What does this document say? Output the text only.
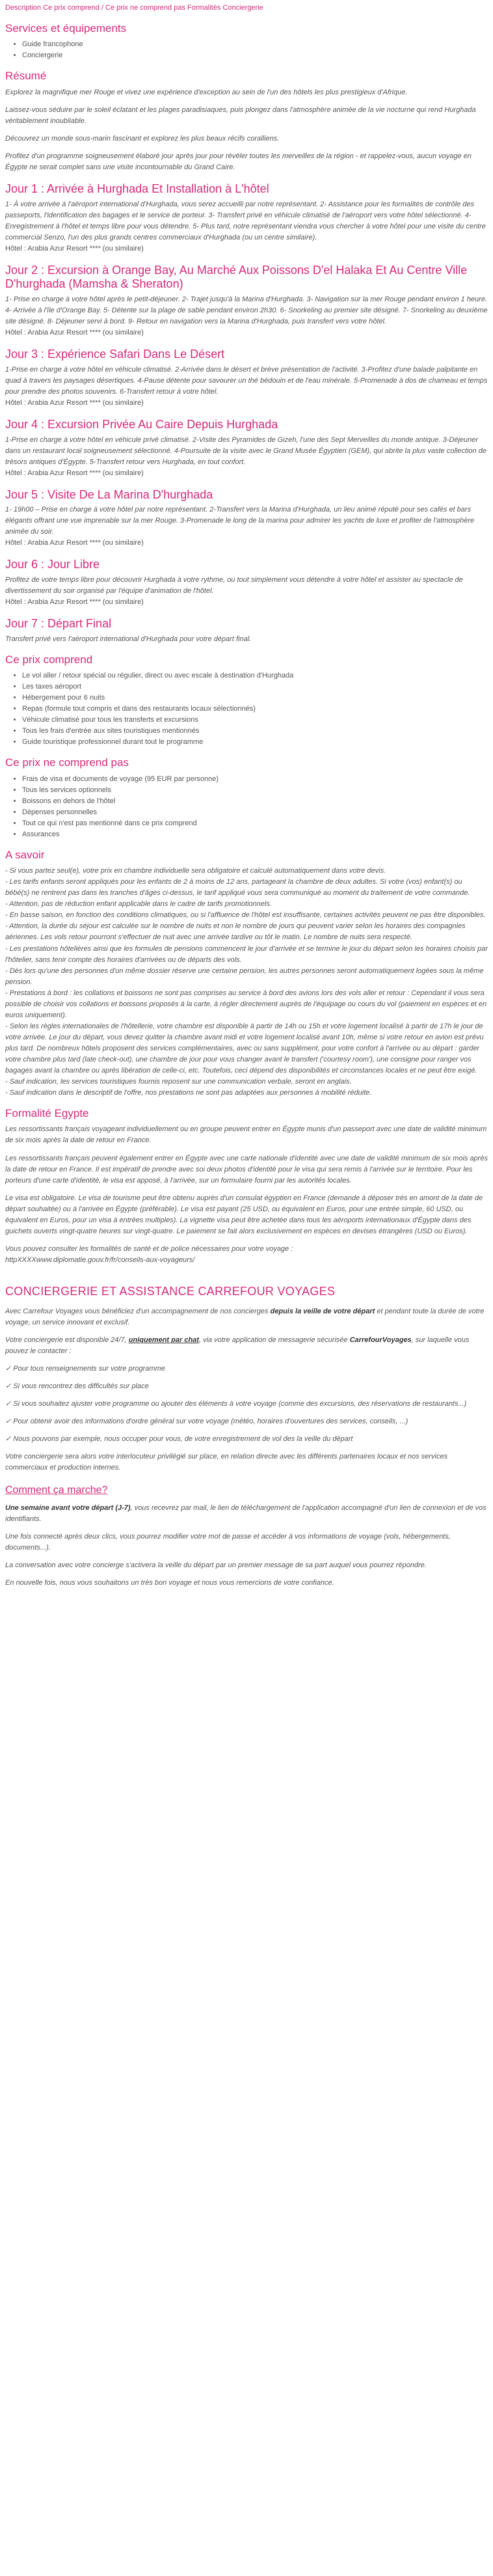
Description Ce prix comprend / Ce prix ne comprend pas Formalités Conciergerie
Services et équipements
• Guide francophone
• Conciergerie
Résumé

Explorez la magnifique mer Rouge et vivez une expérience d'exception au sein de l'un des hôtels les plus prestigieux d'Afrique.

Laissez-vous séduire par le soleil éclatant et les plages paradisiaques, puis plongez dans l'atmosphère animée de la vie nocturne qui rend Hurghada véritablement inoubliable.

Découvrez un monde sous-marin fascinant et explorez les plus beaux récifs coralliens.

Profitez d'un programme soigneusement élaboré jour après jour pour révéler toutes les merveilles de la région - et rappelez-vous, aucun voyage en Égypte ne serait complet sans une visite incontournable du Grand Caire.

Jour 1 : Arrivée à Hurghada Et Installation à L'hôtel

1- À votre arrivée à l'aéroport international d'Hurghada, vous serez accueilli par notre représentant. 2- Assistance pour les formalités de contrôle des passeports, l'identification des bagages et le service de porteur. 3- Transfert privé en véhicule climatisé de l'aéroport vers votre hôtel sélectionné. 4- Enregistrement à l'hôtel et temps libre pour vous détendre. 5- Plus tard, notre représentant viendra vous chercher à votre hôtel pour une visite du centre commercial Senzo, l'un des plus grands centres commerciaux d'Hurghada (ou un centre similaire).

Hôtel : Arabia Azur Resort **** (ou similaire)

Jour 2 : Excursion à Orange Bay, Au Marché Aux Poissons D'el Halaka Et Au Centre Ville D'hurghada (Mamsha & Sheraton)

1- Prise en charge à votre hôtel après le petit-déjeuner. 2- Trajet jusqu'à la Marina d'Hurghada. 3- Navigation sur la mer Rouge pendant environ 1 heure. 4- Arrivée à l'île d'Orange Bay. 5- Détente sur la plage de sable pendant environ 2h30. 6- Snorkeling au premier site désigné. 7- Snorkeling au deuxième site désigné. 8- Déjeuner servi à bord. 9- Retour en navigation vers la Marina d'Hurghada, puis transfert vers votre hôtel.

Hôtel : Arabia Azur Resort **** (ou similaire)

Jour 3 : Expérience Safari Dans Le Désert

1-Prise en charge à votre hôtel en véhicule climatisé. 2-Arrivée dans le désert et brève présentation de l'activité. 3-Profitez d'une balade palpitante en quad à travers les paysages désertiques. 4-Pause détente pour savourer un thé bédouin et de l'eau minérale. 5-Promenade à dos de chameau et temps pour prendre des photos souvenirs. 6-Transfert retour à votre hôtel.

Hôtel : Arabia Azur Resort **** (ou similaire)

Jour 4 : Excursion Privée Au Caire Depuis Hurghada

1-Prise en charge à votre hôtel en véhicule privé climatisé. 2-Visite des Pyramides de Gizeh, l'une des Sept Merveilles du monde antique. 3-Déjeuner dans un restaurant local soigneusement sélectionné. 4-Poursuite de la visite avec le Grand Musée Égyptien (GEM), qui abrite la plus vaste collection de trésors antiques d'Égypte. 5-Transfert retour vers Hurghada, en tout confort.

Hôtel : Arabia Azur Resort **** (ou similaire)

Jour 5 : Visite De La Marina D'hurghada

1- 19h00 – Prise en charge à votre hôtel par notre représentant. 2-Transfert vers la Marina d'Hurghada, un lieu animé réputé pour ses cafés et bars élégants offrant une vue imprenable sur la mer Rouge. 3-Promenade le long de la marina pour admirer les yachts de luxe et profiter de l'atmosphère animée du soir.

Hôtel : Arabia Azur Resort **** (ou similaire)

Jour 6 : Jour Libre

Profitez de votre temps libre pour découvrir Hurghada à votre rythme, ou tout simplement vous détendre à votre hôtel et assister au spectacle de divertissement du soir organisé par l'équipe d'animation de l'hôtel.

Hôtel : Arabia Azur Resort **** (ou similaire)

Jour 7 : Départ Final

Transfert privé vers l'aéroport international d'Hurghada pour votre départ final.

Ce prix comprend
• Le vol aller / retour spécial ou régulier, direct ou avec escale à destination d'Hurghada
• Les taxes aéroport
• Hébergement pour 6 nuits
• Repas (formule tout compris et dans des restaurants locaux sélectionnés)
• Véhicule climatisé pour tous les transferts et excursions
• Tous les frais d'entrée aux sites touristiques mentionnés
• Guide touristique professionnel durant tout le programme
Ce prix ne comprend pas
• Frais de visa et documents de voyage (95 EUR par personne)
• Tous les services optionnels
• Boissons en dehors de l'hôtel
• Dépenses personnelles
• Tout ce qui n'est pas mentionné dans ce prix comprend
• Assurances
A savoir
- Si vous partez seul(e), votre prix en chambre individuelle sera obligatoire et calculé automatiquement dans votre devis.
- Les tarifs enfants seront appliqués pour les enfants de 2 à moins de 12 ans, partageant la chambre de deux adultes. Si votre (vos) enfant(s) ou bébé(s) ne rentrent pas dans les tranches d'âges ci-dessus, le tarif appliqué vous sera communiqué au moment du traitement de votre commande.
- Attention, pas de réduction enfant applicable dans le cadre de tarifs promotionnels.
- En basse saison, en fonction des conditions climatiques, ou si l'affluence de l'hôtel est insuffisante, certaines activités peuvent ne pas être disponibles.
- Attention, la durée du séjour est calculée sur le nombre de nuits et non le nombre de jours qui peuvent varier selon les horaires des compagnies aériennes. Les vols retour pourront s'effectuer de nuit avec une arrivée tardive ou tôt le matin. Le nombre de nuits sera respecté.
- Les prestations hôtelières ainsi que les formules de pensions commencent le jour d'arrivée et se termine le jour du départ selon les horaires choisis par l'hôtelier, sans tenir compte des horaires d'arrivées ou de départs des vols.
- Dès lors qu'une des personnes d'un même dossier réserve une certaine pension, les autres personnes seront automatiquement logées sous la même pension.
- Prestations à bord : les collations et boissons ne sont pas comprises au service à bord des avions lors des vols aller et retour : Cependant il vous sera possible de choisir vos collations et boissons proposés à la carte, à régler directement auprès de l'équipage ou cours du vol (paiement en espèces et en euros uniquement).
- Selon les règles internationales de l'hôtellerie, votre chambre est disponible à partir de 14h ou 15h et votre logement localisé à partir de 17h le jour de votre arrivée. Le jour du départ, vous devez quitter la chambre avant midi et votre logement localisé avant 10h, même si votre retour en avion est prévu plus tard. De nombreux hôtels proposent des services complémentaires, avec ou sans supplément, pour votre confort à l'arrivée ou au départ : garder votre chambre plus tard (late check-out), une chambre de jour pour vous changer avant le transfert ('courtesy room'), une consigne pour ranger vos bagages avant la chambre ou après libération de celle-ci, etc. Toutefois, ceci dépend des disponibilités et circonstances locales et ne peut être exigé.
- Sauf indication, les services touristiques fournis reposent sur une communication verbale, seront en anglais.
- Sauf indication dans le descriptif de l'offre, nos prestations ne sont pas adaptées aux personnes à mobilité réduite.
Formalité Egypte

Les ressortissants français voyageant individuellement ou en groupe peuvent entrer en Égypte munis d'un passeport avec une date de validité minimum de six mois après la date de retour en France.

Les ressortissants français peuvent également entrer en Égypte avec une carte nationale d'identité avec une date de validité minimum de six mois après la date de retour en France. Il est impératif de prendre avec soi deux photos d'identité pour le visa qui sera remis à l'arrivée sur le territoire. Pour les porteurs d'une carte d'identité, le visa est apposé, à l'arrivée, sur un formulaire fourni par les autorités locales.

Le visa est obligatoire. Le visa de tourisme peut être obtenu auprès d'un consulat égyptien en France (demande à déposer très en amont de la date de départ souhaitée) ou à l'arrivée en Égypte (préférable). Le visa est payant (25 USD, ou équivalent en Euros, pour une entrée simple, 60 USD, ou équivalent en Euros, pour un visa à entrées multiples). La vignette visa peut être achetée dans tous les aéroports internationaux d'Égypte dans des guichets ouverts vingt-quatre heures sur vingt-quatre. Le paiement se fait alors exclusivement en espèces en devises étrangères (USD ou Euros).

Vous pouvez consulter les formalités de santé et de police nécessaires pour votre voyage :

httpXXXXwww.diplomatie.gouv.fr/fr/conseils-aux-voyageurs/

CONCIERGERIE ET ASSISTANCE CARREFOUR VOYAGES

Avec Carrefour Voyages vous bénéficiez d'un accompagnement de nos concierges depuis la veille de votre départ et pendant toute la durée de votre voyage, un service innovant et exclusif.

Votre conciergerie est disponible 24/7, uniquement par chat, via votre application de messagerie sécurisée CarrefourVoyages, sur laquelle vous pouvez le contacter :

✓ Pour tous renseignements sur votre programme

✓ Si vous rencontrez des difficultés sur place

✓ Si vous souhaitez ajuster votre programme ou ajouter des éléments à votre voyage (comme des excursions, des réservations de restaurants...)

✓ Pour obtenir avoir des informations d'ordre général sur votre voyage (météo, horaires d'ouvertures des services, conseils, ...)

✓ Nous pouvons par exemple, nous occuper pour vous, de votre enregistrement de vol des la veille du départ

Votre conciergerie sera alors votre interlocuteur privilégié sur place, en relation directe avec les différents partenaires locaux et nos services commerciaux et production internes.

Comment ça marche?

Une semaine avant votre départ (J-7), vous recevrez par mail, le lien de téléchargement de l'application accompagné d'un lien de connexion et de vos identifiants.

Une fois connecté après deux clics, vous pourrez modifier votre mot de passe et accéder à vos informations de voyage (vols, hébergements, documents...).

La conversation avec votre concierge s'activera la veille du départ par un premier message de sa part auquel vous pourrez répondre.

En nouvelle fois, nous vous souhaitons un très bon voyage et nous vous remercions de votre confiance.
